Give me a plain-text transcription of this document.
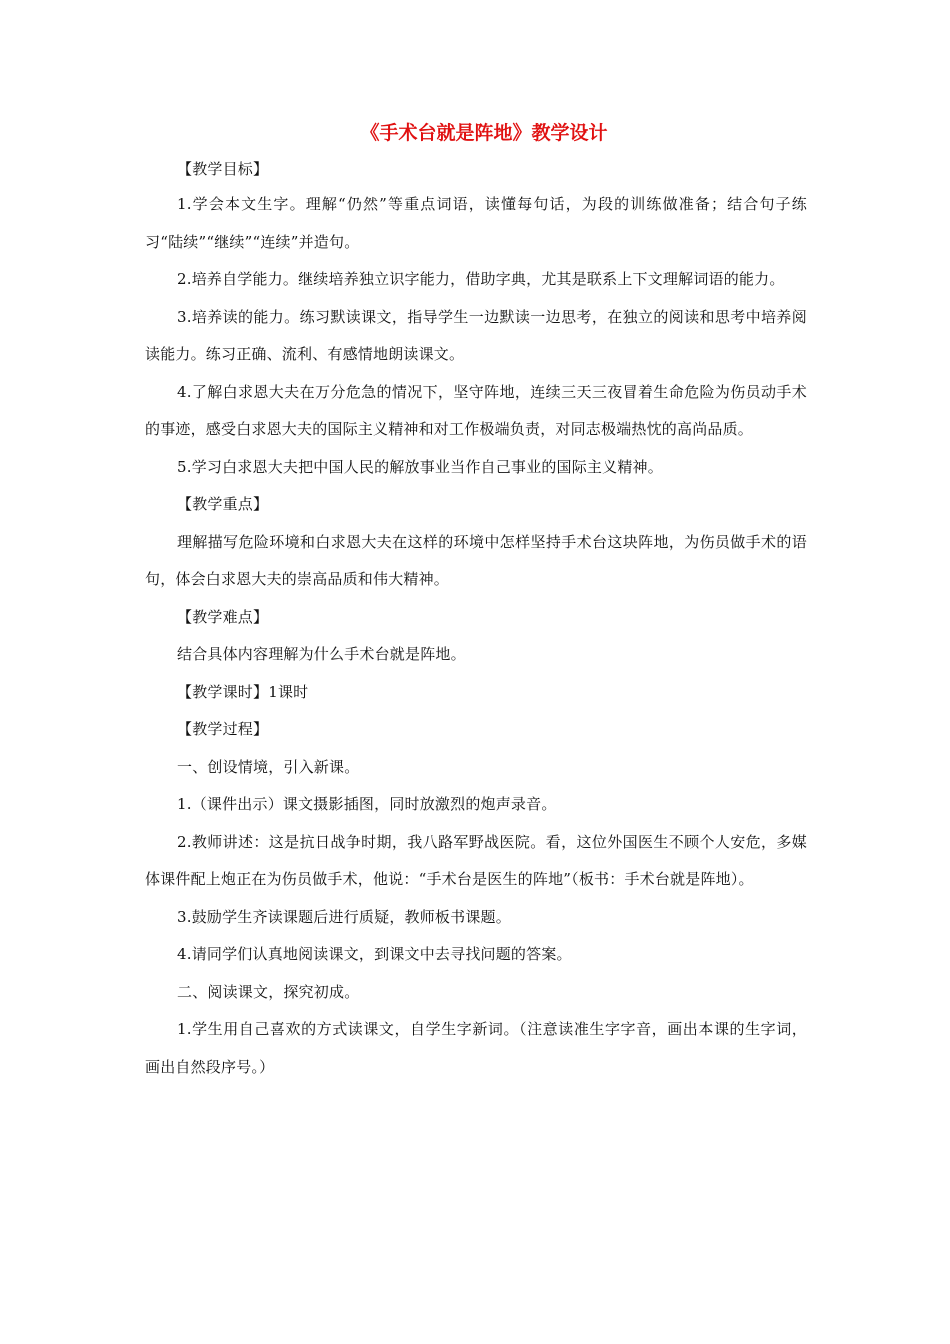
《手术台就是阵地》教学设计

【教学目标】

1.学会本文生字。理解“仍然”等重点词语，读懂每句话，为段的训练做准备；结合句子练习“陆续”“继续”“连续”并造句。

2.培养自学能力。继续培养独立识字能力，借助字典，尤其是联系上下文理解词语的能力。

3.培养读的能力。练习默读课文，指导学生一边默读一边思考，在独立的阅读和思考中培养阅读能力。练习正确、流利、有感情地朗读课文。

4.了解白求恩大夫在万分危急的情况下，坚守阵地，连续三天三夜冒着生命危险为伤员动手术的事迹，感受白求恩大夫的国际主义精神和对工作极端负责，对同志极端热忱的高尚品质。

5.学习白求恩大夫把中国人民的解放事业当作自己事业的国际主义精神。

【教学重点】

理解描写危险环境和白求恩大夫在这样的环境中怎样坚持手术台这块阵地，为伤员做手术的语句，体会白求恩大夫的崇高品质和伟大精神。

【教学难点】

结合具体内容理解为什么手术台就是阵地。

【教学课时】1课时

【教学过程】

一、创设情境，引入新课。

1.（课件出示）课文摄影插图，同时放激烈的炮声录音。

2.教师讲述：这是抗日战争时期，我八路军野战医院。看，这位外国医生不顾个人安危，多媒体课件配上炮正在为伤员做手术，他说：“手术台是医生的阵地”（板书：手术台就是阵地）。

3.鼓励学生齐读课题后进行质疑，教师板书课题。

4.请同学们认真地阅读课文，到课文中去寻找问题的答案。

二、阅读课文，探究初成。

1.学生用自己喜欢的方式读课文，自学生字新词。（注意读准生字字音，画出本课的生字词，画出自然段序号。）
